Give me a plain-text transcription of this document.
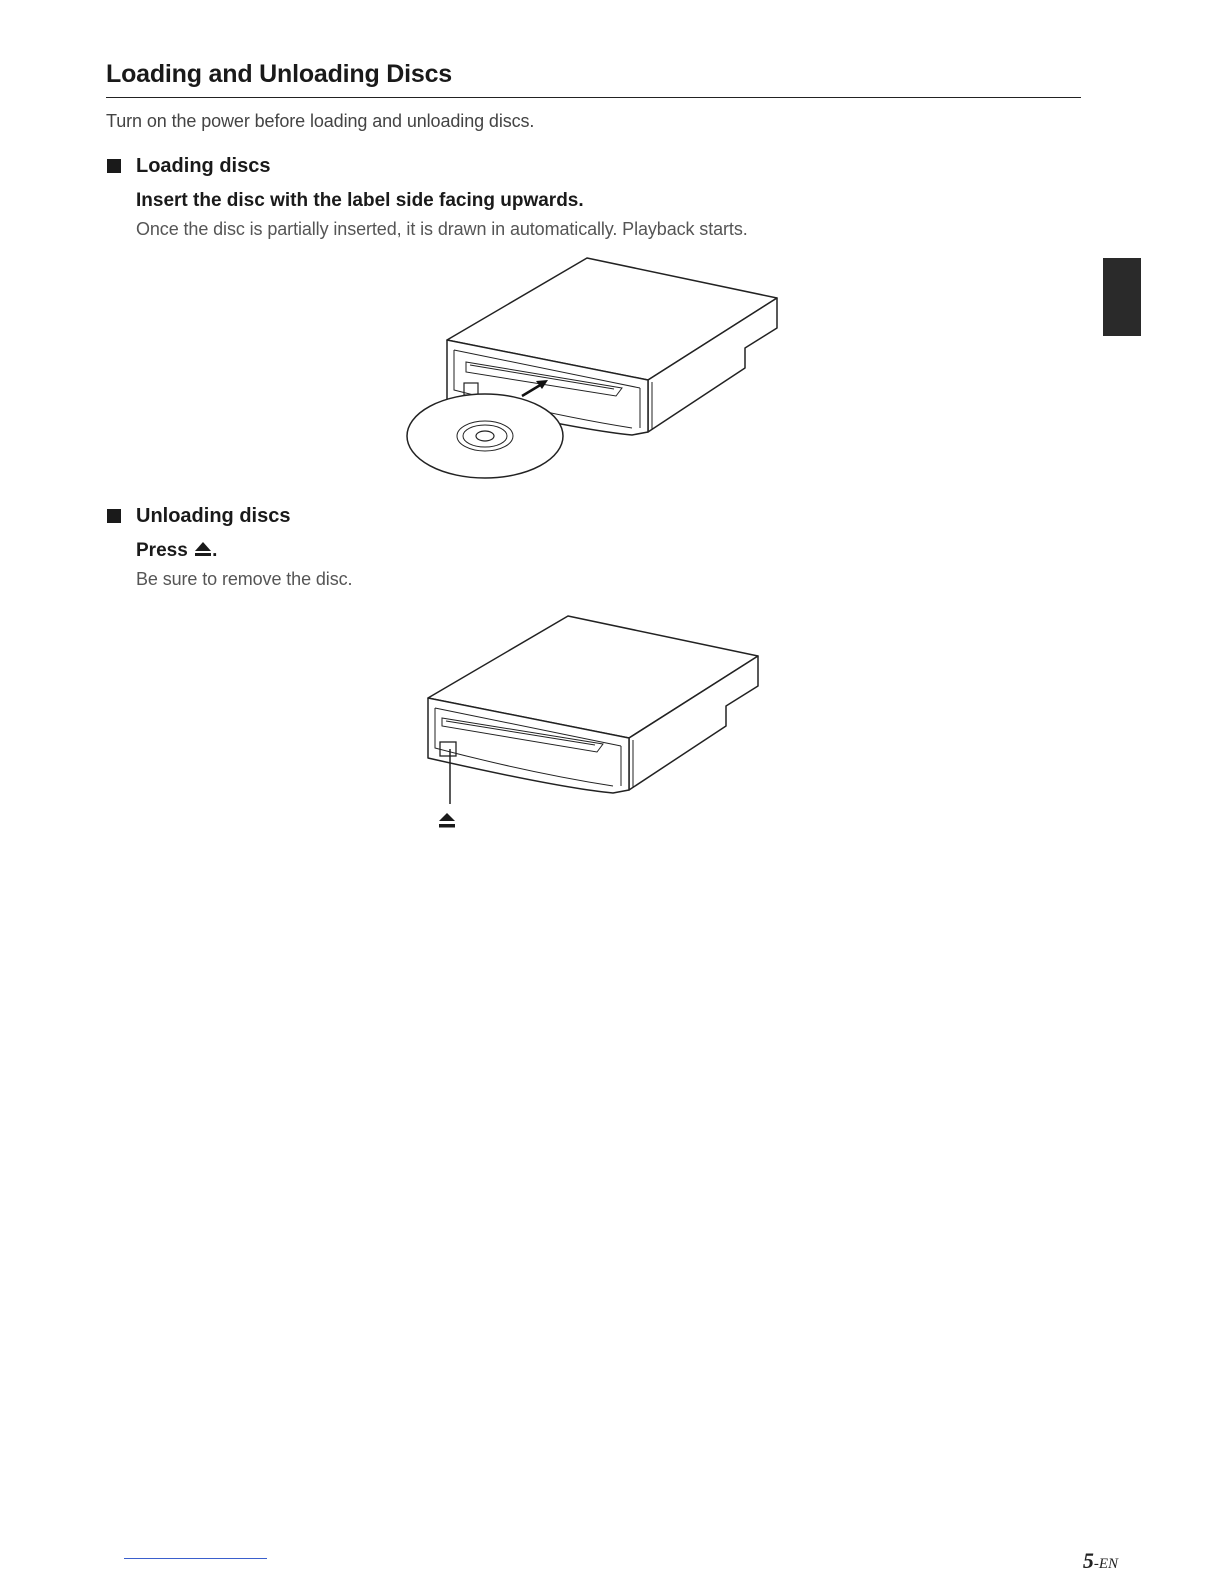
Loading and Unloading Discs
Turn on the power before loading and unloading discs.
Loading discs
Insert the disc with the label side facing upwards.
Once the disc is partially inserted, it is drawn in automatically. Playback starts.
Unloading discs
Press .
Be sure to remove the disc.
5-EN
